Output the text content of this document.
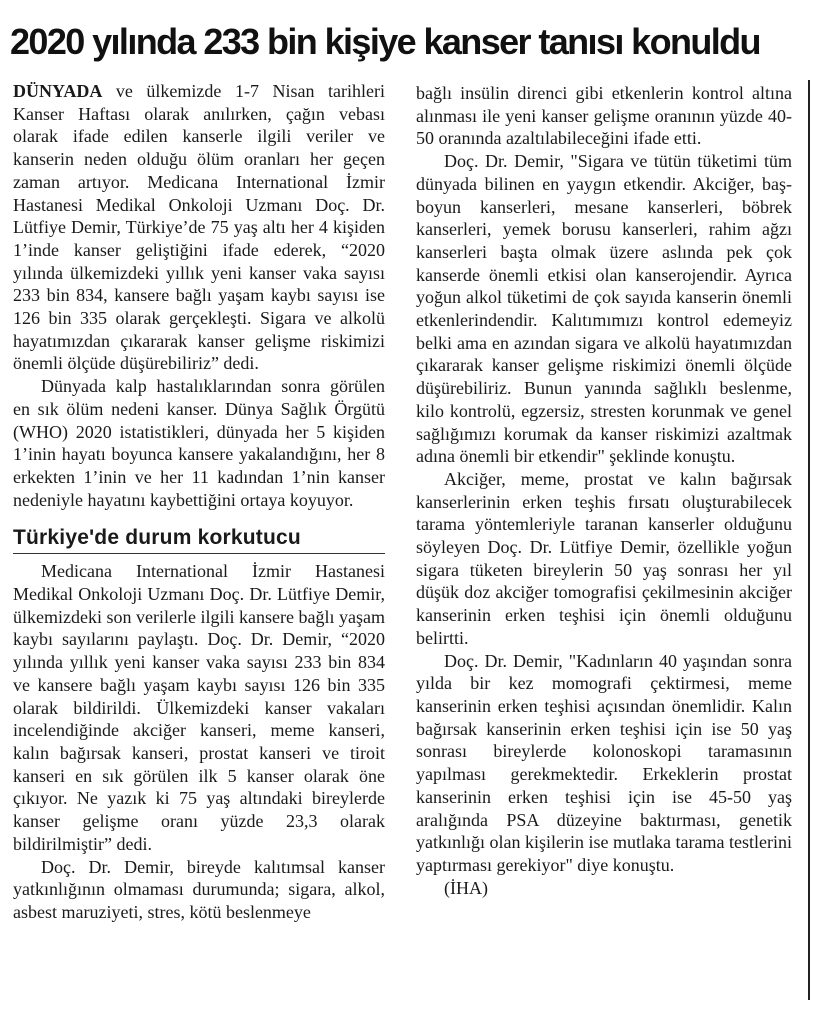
2020 yılında 233 bin kişiye kanser tanısı konuldu

DÜNYADA ve ülkemizde 1-7 Nisan tarihleri Kanser Haftası olarak anılırken, çağın vebası olarak ifade edilen kanserle ilgili veriler ve kanserin neden olduğu ölüm oranları her geçen zaman artıyor. Medicana International İzmir Hastanesi Medikal Onkoloji Uzmanı Doç. Dr. Lütfiye Demir, Türkiye’de 75 yaş altı her 4 kişiden 1’inde kanser geliştiğini ifade ederek, “2020 yılında ülkemizdeki yıllık yeni kanser vaka sayısı 233 bin 834, kansere bağlı yaşam kaybı sayısı ise 126 bin 335 olarak gerçekleşti. Sigara ve alkolü hayatımızdan çıkararak kanser gelişme riskimizi önemli ölçüde düşürebiliriz” dedi.

Dünyada kalp hastalıklarından sonra görülen en sık ölüm nedeni kanser. Dünya Sağlık Örgütü (WHO) 2020 istatistikleri, dünyada her 5 kişiden 1’inin hayatı boyunca kansere yakalandığını, her 8 erkekten 1’inin ve her 11 kadından 1’nin kanser nedeniyle hayatını kaybettiğini ortaya koyuyor.

Türkiye'de durum korkutucu

Medicana International İzmir Hastanesi Medikal Onkoloji Uzmanı Doç. Dr. Lütfiye Demir, ülkemizdeki son verilerle ilgili kansere bağlı yaşam kaybı sayılarını paylaştı. Doç. Dr. Demir, “2020 yılında yıllık yeni kanser vaka sayısı 233 bin 834 ve kansere bağlı yaşam kaybı sayısı 126 bin 335 olarak bildirildi. Ülkemizdeki kanser vakaları incelendiğinde akciğer kanseri, meme kanseri, kalın bağırsak kanseri, prostat kanseri ve tiroit kanseri en sık görülen ilk 5 kanser olarak öne çıkıyor. Ne yazık ki 75 yaş altındaki bireylerde kanser gelişme oranı yüzde 23,3 olarak bildirilmiştir” dedi.

Doç. Dr. Demir, bireyde kalıtımsal kanser yatkınlığının olmaması durumunda; sigara, alkol, asbest maruziyeti, stres, kötü beslenmeye

bağlı insülin direnci gibi etkenlerin kontrol altına alınması ile yeni kanser gelişme oranının yüzde 40-50 oranında azaltılabileceğini ifade etti.

Doç. Dr. Demir, "Sigara ve tütün tüketimi tüm dünyada bilinen en yaygın etkendir. Akciğer, baş-boyun kanserleri, mesane kanserleri, böbrek kanserleri, yemek borusu kanserleri, rahim ağzı kanserleri başta olmak üzere aslında pek çok kanserde önemli etkisi olan kanserojendir. Ayrıca yoğun alkol tüketimi de çok sayıda kanserin önemli etkenlerindendir. Kalıtımımızı kontrol edemeyiz belki ama en azından sigara ve alkolü hayatımızdan çıkararak kanser gelişme riskimizi önemli ölçüde düşürebiliriz. Bunun yanında sağlıklı beslenme, kilo kontrolü, egzersiz, stresten korunmak ve genel sağlığımızı korumak da kanser riskimizi azaltmak adına önemli bir etkendir" şeklinde konuştu.

Akciğer, meme, prostat ve kalın bağırsak kanserlerinin erken teşhis fırsatı oluşturabilecek tarama yöntemleriyle taranan kanserler olduğunu söyleyen Doç. Dr. Lütfiye Demir, özellikle yoğun sigara tüketen bireylerin 50 yaş sonrası her yıl düşük doz akciğer tomografisi çekilmesinin akciğer kanserinin erken teşhisi için önemli olduğunu belirtti.

Doç. Dr. Demir, "Kadınların 40 yaşından sonra yılda bir kez momografi çektirmesi, meme kanserinin erken teşhisi açısından önemlidir. Kalın bağırsak kanserinin erken teşhisi için ise 50 yaş sonrası bireylerde kolonoskopi taramasının yapılması gerekmektedir. Erkeklerin prostat kanserinin erken teşhisi için ise 45-50 yaş aralığında PSA düzeyine baktırması, genetik yatkınlığı olan kişilerin ise mutlaka tarama testlerini yaptırması gerekiyor" diye konuştu.

(İHA)
